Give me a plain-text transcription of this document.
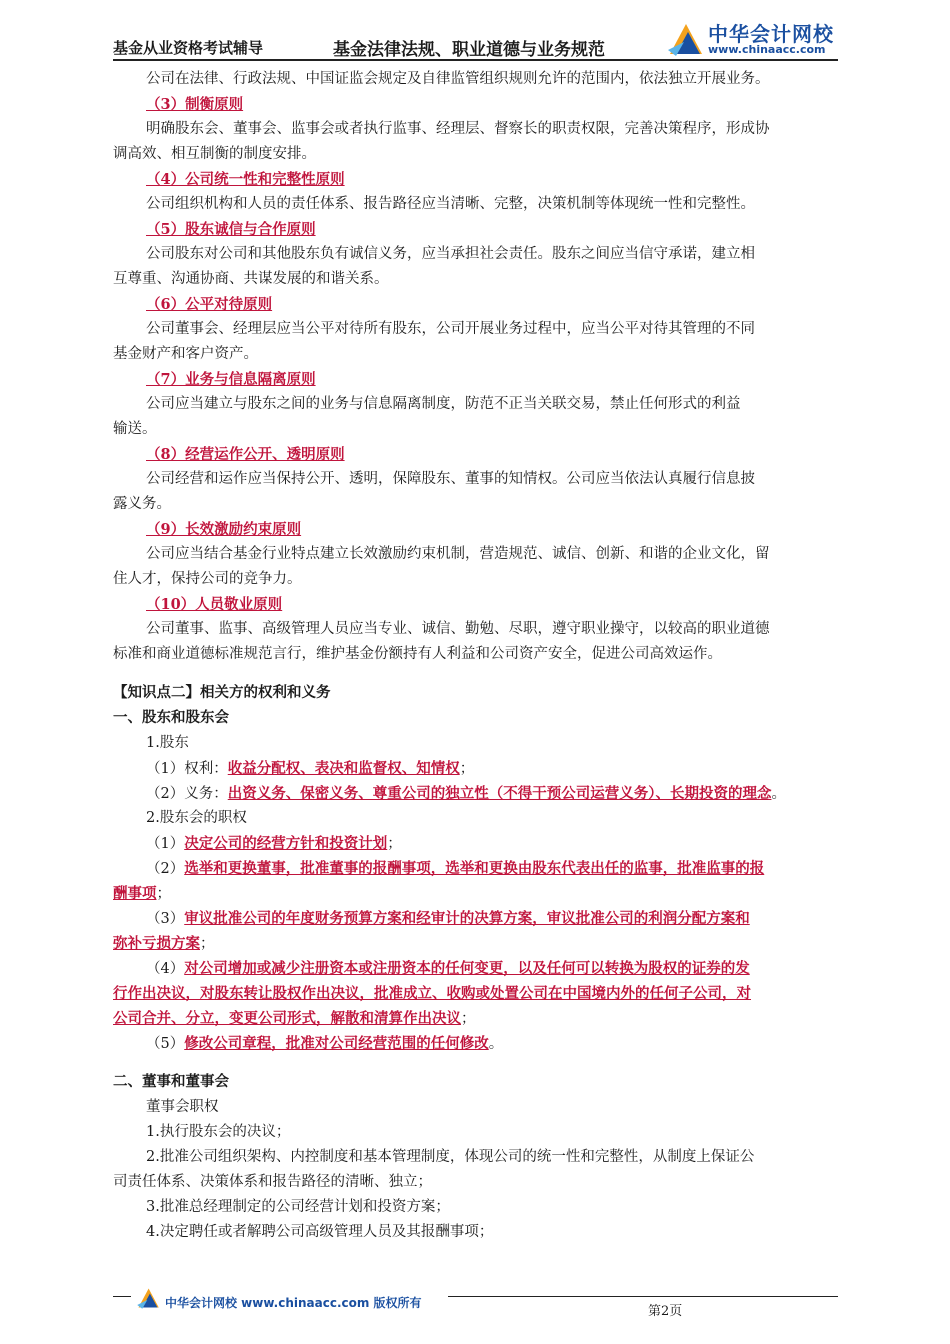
基金从业资格考试辅导	基金法律法规、职业道德与业务规范
中华会计网校
www.chinaacc.com
公司在法律、行政法规、中国证监会规定及自律监管组织规则允许的范围内，依法独立开展业务。
（3）制衡原则
明确股东会、董事会、监事会或者执行监事、经理层、督察长的职责权限，完善决策程序，形成协
调高效、相互制衡的制度安排。
（4）公司统一性和完整性原则
公司组织机构和人员的责任体系、报告路径应当清晰、完整，决策机制等体现统一性和完整性。
（5）股东诚信与合作原则
公司股东对公司和其他股东负有诚信义务，应当承担社会责任。股东之间应当信守承诺，建立相
互尊重、沟通协商、共谋发展的和谐关系。
（6）公平对待原则
公司董事会、经理层应当公平对待所有股东，公司开展业务过程中，应当公平对待其管理的不同
基金财产和客户资产。
（7）业务与信息隔离原则
公司应当建立与股东之间的业务与信息隔离制度，防范不正当关联交易，禁止任何形式的利益
输送。
（8）经营运作公开、透明原则
公司经营和运作应当保持公开、透明，保障股东、董事的知情权。公司应当依法认真履行信息披
露义务。
（9）长效激励约束原则
公司应当结合基金行业特点建立长效激励约束机制，营造规范、诚信、创新、和谐的企业文化，留
住人才，保持公司的竞争力。
（10）人员敬业原则
公司董事、监事、高级管理人员应当专业、诚信、勤勉、尽职，遵守职业操守，以较高的职业道德
标准和商业道德标准规范言行，维护基金份额持有人利益和公司资产安全，促进公司高效运作。
【知识点二】相关方的权利和义务
一、股东和股东会
1.股东
（1）权利：收益分配权、表决和监督权、知情权；
（2）义务：出资义务、保密义务、尊重公司的独立性（不得干预公司运营义务）、长期投资的理念。
2.股东会的职权
（1）决定公司的经营方针和投资计划；
（2）选举和更换董事，批准董事的报酬事项，选举和更换由股东代表出任的监事，批准监事的报
酬事项；
（3）审议批准公司的年度财务预算方案和经审计的决算方案，审议批准公司的利润分配方案和
弥补亏损方案；
（4）对公司增加或减少注册资本或注册资本的任何变更，以及任何可以转换为股权的证券的发
行作出决议，对股东转让股权作出决议，批准成立、收购或处置公司在中国境内外的任何子公司，对
公司合并、分立，变更公司形式，解散和清算作出决议；
（5）修改公司章程，批准对公司经营范围的任何修改。
二、董事和董事会
董事会职权
1.执行股东会的决议；
2.批准公司组织架构、内控制度和基本管理制度，体现公司的统一性和完整性，从制度上保证公
司责任体系、决策体系和报告路径的清晰、独立；
3.批准总经理制定的公司经营计划和投资方案；
4.决定聘任或者解聘公司高级管理人员及其报酬事项；
中华会计网校 www.chinaacc.com 版权所有
第2页
